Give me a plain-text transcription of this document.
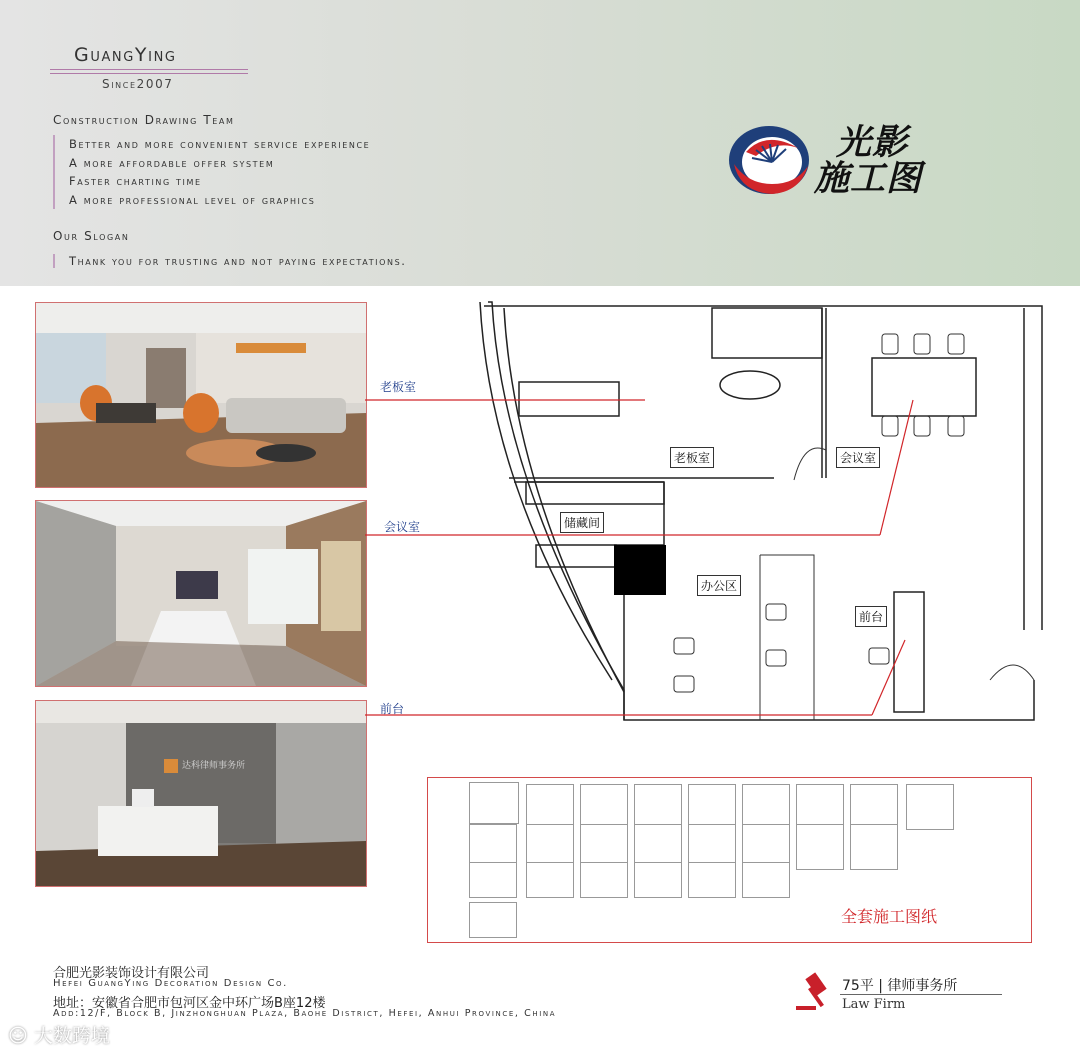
GuangYing
Since2007
Construction Drawing Team
Better and more convenient service experience
A more affordable offer system
Faster charting time
A more professional level of graphics
Our Slogan
Thank you for trusting and not paying expectations.
光影
施工图
达科律师事务所
老板室
会议室
前台
老板室	会议室
储藏间
办公区
前台
全套施工图纸
合肥光影装饰设计有限公司
Hefei GuangYing Decoration Design Co.
地址：安徽省合肥市包河区金中环广场B座12楼
Add:12/F, Block B, Jinzhonghuan Plaza, Baohe District, Hefei, Anhui Province, China
75平 | 律师事务所
Law Firm
☺ 大数跨境
